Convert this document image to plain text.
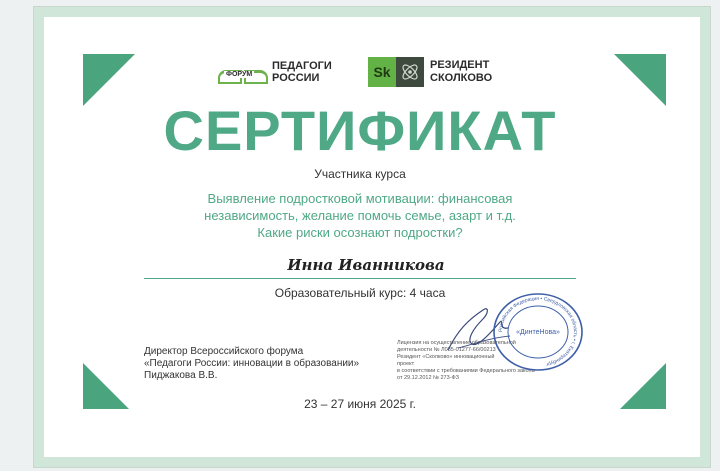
ФОРУМ
ПЕДАГОГИ
РОССИИ	Sk	РЕЗИДЕНТ
СКОЛКОВО
СЕРТИФИКАТ
Участника курса
Выявление подростковой мотивации: финансовая
независимость, желание помочь семье, азарт и т.д.
Какие риски осознают подростки?
Инна Иванникова
Образовательный курс: 4 часа
Директор Всероссийского форума
«Педагоги России: инновации в образовании»
Пиджакова В.В.
Лицензия на осуществление образовательной
деятельности № Л035-01277-66/00213
Резидент «Сколково» инновационный
проект
в соответствии с требованиями Федерального закона
от 29.12.2012 № 273-ФЗ
Российская Федерация • Свердловская область • г. Екатеринбург
«ДинтеНова»
23 – 27 июня 2025 г.
